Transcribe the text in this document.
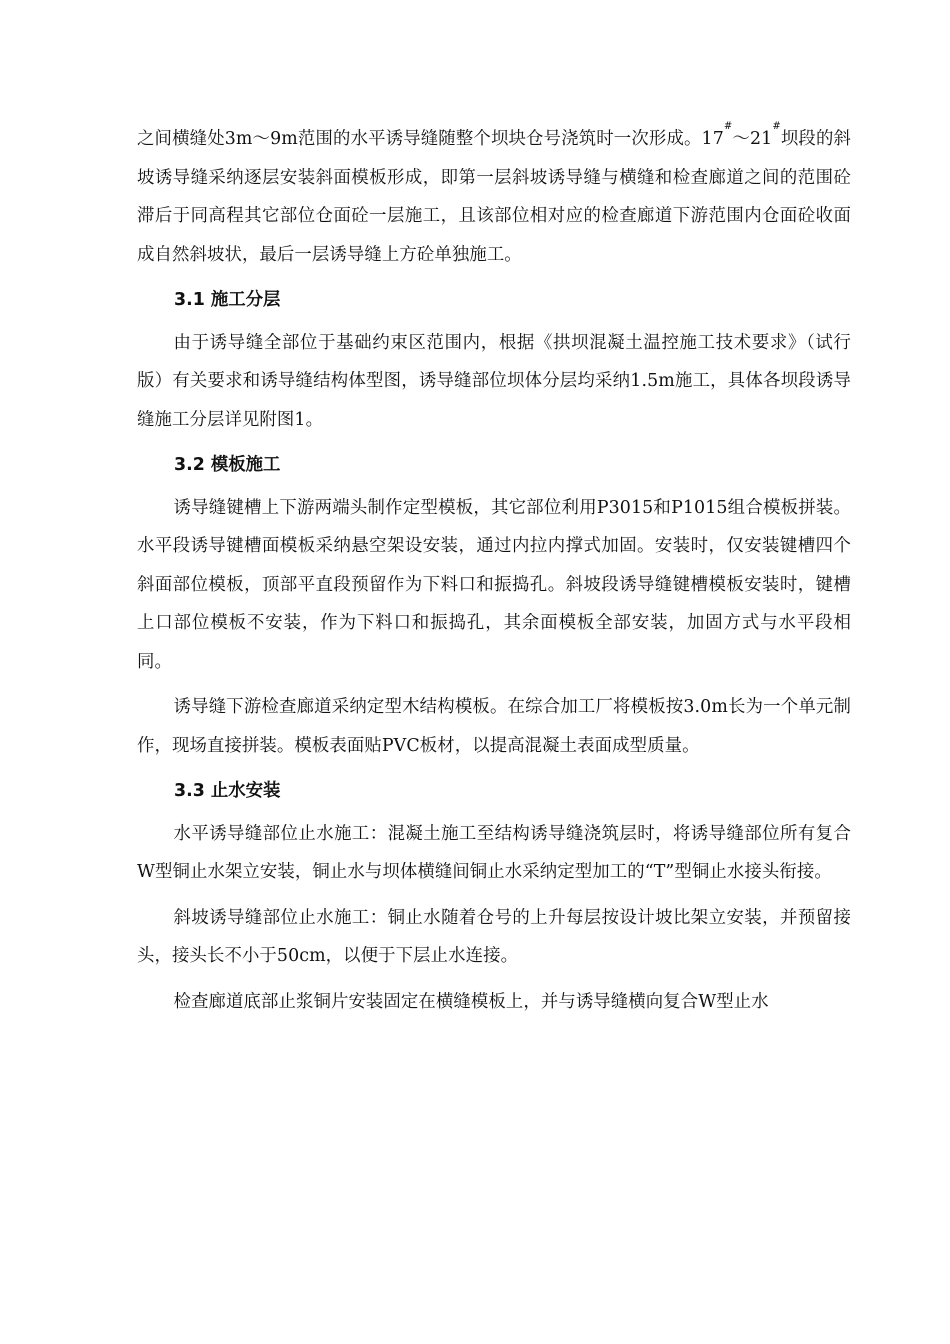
之间横缝处3m～9m范围的水平诱导缝随整个坝块仓号浇筑时一次形成。17#～21#坝段的斜坡诱导缝采纳逐层安装斜面模板形成，即第一层斜坡诱导缝与横缝和检查廊道之间的范围砼滞后于同高程其它部位仓面砼一层施工，且该部位相对应的检查廊道下游范围内仓面砼收面成自然斜坡状，最后一层诱导缝上方砼单独施工。

3.1 施工分层

由于诱导缝全部位于基础约束区范围内，根据《拱坝混凝土温控施工技术要求》（试行版）有关要求和诱导缝结构体型图，诱导缝部位坝体分层均采纳1.5m施工，具体各坝段诱导缝施工分层详见附图1。

3.2 模板施工

诱导缝键槽上下游两端头制作定型模板，其它部位利用P3015和P1015组合模板拼装。水平段诱导键槽面模板采纳悬空架设安装，通过内拉内撑式加固。安装时，仅安装键槽四个斜面部位模板，顶部平直段预留作为下料口和振捣孔。斜坡段诱导缝键槽模板安装时，键槽上口部位模板不安装，作为下料口和振捣孔，其余面模板全部安装，加固方式与水平段相同。

诱导缝下游检查廊道采纳定型木结构模板。在综合加工厂将模板按3.0m长为一个单元制作，现场直接拼装。模板表面贴PVC板材，以提高混凝土表面成型质量。

3.3 止水安装

水平诱导缝部位止水施工：混凝土施工至结构诱导缝浇筑层时，将诱导缝部位所有复合W型铜止水架立安装，铜止水与坝体横缝间铜止水采纳定型加工的“T”型铜止水接头衔接。

斜坡诱导缝部位止水施工：铜止水随着仓号的上升每层按设计坡比架立安装，并预留接头，接头长不小于50cm，以便于下层止水连接。

检查廊道底部止浆铜片安装固定在横缝模板上，并与诱导缝横向复合W型止水
